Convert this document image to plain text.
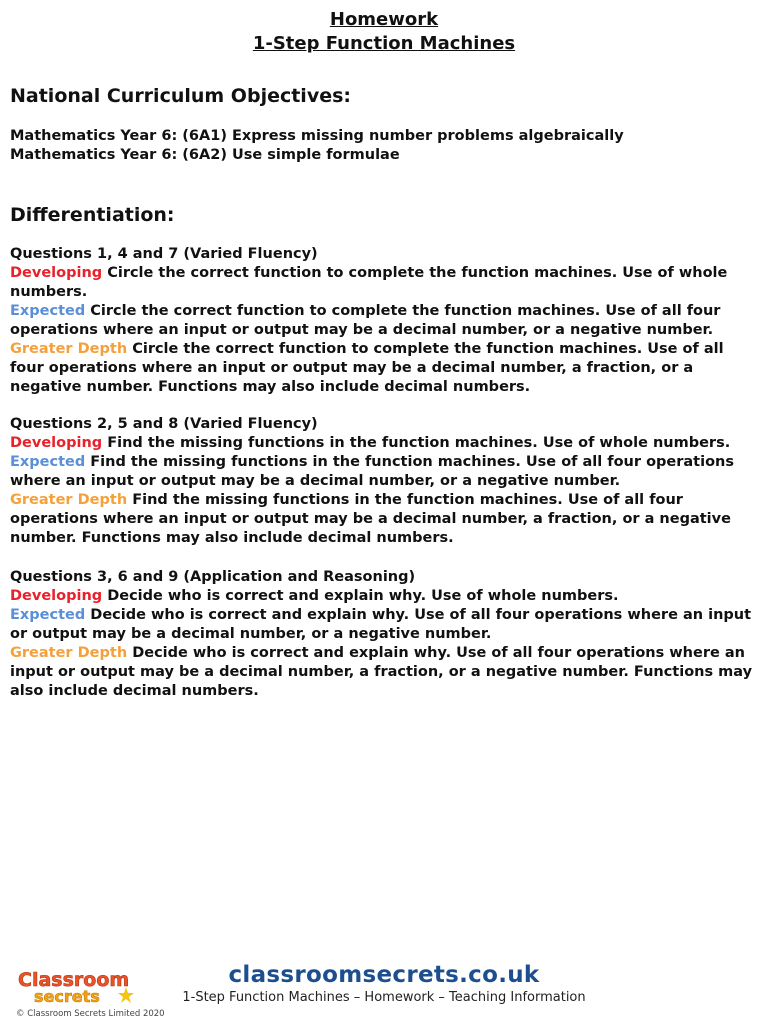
Homework
1-Step Function Machines
National Curriculum Objectives:
Mathematics Year 6: (6A1) Express missing number problems algebraically
Mathematics Year 6: (6A2) Use simple formulae
Differentiation:

Questions 1, 4 and 7 (Varied Fluency)

Developing Circle the correct function to complete the function machines. Use of whole numbers.

Expected Circle the correct function to complete the function machines. Use of all four operations where an input or output may be a decimal number, or a negative number.

Greater Depth Circle the correct function to complete the function machines. Use of all four operations where an input or output may be a decimal number, a fraction, or a negative number. Functions may also include decimal numbers.

Questions 2, 5 and 8 (Varied Fluency)

Developing Find the missing functions in the function machines. Use of whole numbers.

Expected Find the missing functions in the function machines. Use of all four operations where an input or output may be a decimal number, or a negative number.

Greater Depth Find the missing functions in the function machines. Use of all four operations where an input or output may be a decimal number, a fraction, or a negative number. Functions may also include decimal numbers.

Questions 3, 6 and 9 (Application and Reasoning)

Developing Decide who is correct and explain why. Use of whole numbers.

Expected Decide who is correct and explain why. Use of all four operations where an input or output may be a decimal number, or a negative number.

Greater Depth Decide who is correct and explain why. Use of all four operations where an input or output may be a decimal number, a fraction, or a negative number. Functions may also include decimal numbers.

Classroom
secrets
classroomsecrets.co.uk
1-Step Function Machines – Homework – Teaching Information
© Classroom Secrets Limited 2020
